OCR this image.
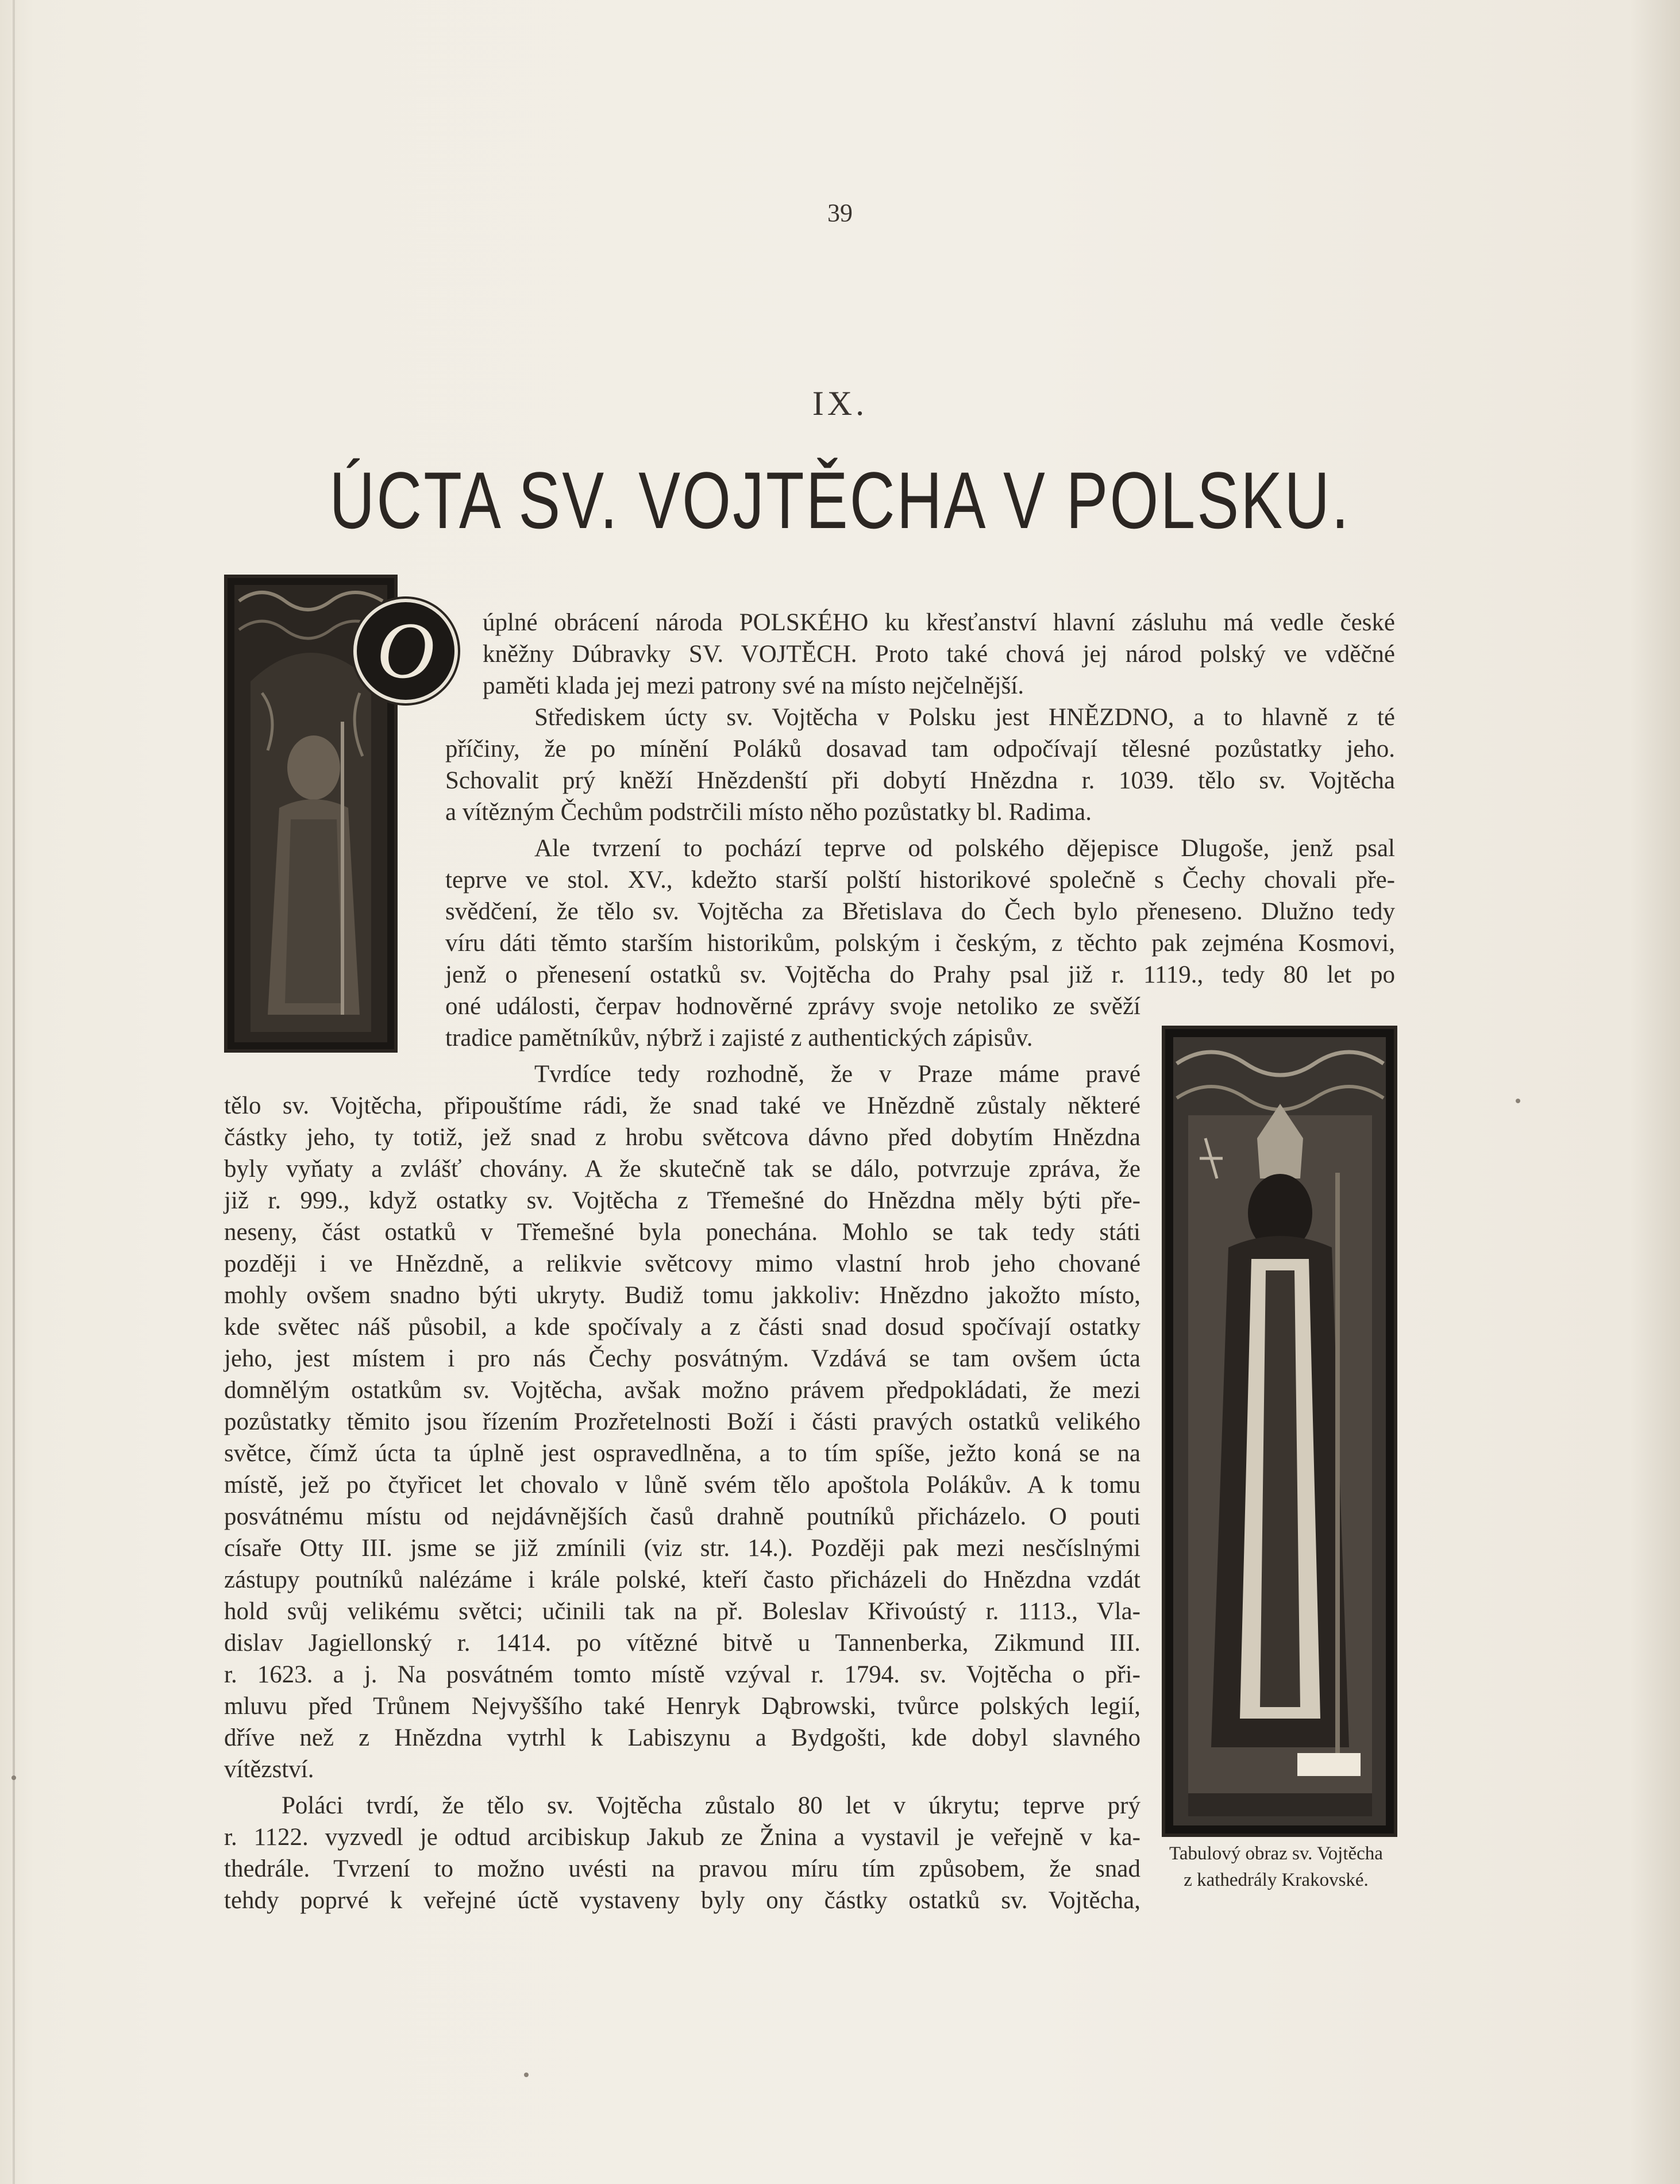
39
IX.
ÚCTA SV. VOJTĚCHA V POLSKU.
O
Tabulový obraz sv. Vojtěcha
z kathedrály Krakovské.
úplné obrácení národa POLSKÉHO ku křesťanství hlavní zásluhu má vedle české
kněžny Dúbravky SV. VOJTĚCH. Proto také chová jej národ polský ve vděčné
paměti klada jej mezi patrony své na místo nejčelnější.
Střediskem úcty sv. Vojtěcha v Polsku jest HNĚZDNO, a to hlavně z té
příčiny, že po mínění Poláků dosavad tam odpočívají tělesné pozůstatky jeho.
Schovalit prý kněží Hnězdenští při dobytí Hnězdna r. 1039. tělo sv. Vojtěcha
a vítězným Čechům podstrčili místo něho pozůstatky bl. Radima.
Ale tvrzení to pochází teprve od polského dějepisce Dlugoše, jenž psal
teprve ve stol. XV., kdežto starší polští historikové společně s Čechy chovali pře-
svědčení, že tělo sv. Vojtěcha za Břetislava do Čech bylo přeneseno. Dlužno tedy
víru dáti těmto starším historikům, polským i českým, z těchto pak zejména Kosmovi,
jenž o přenesení ostatků sv. Vojtěcha do Prahy psal již r. 1119., tedy 80 let po
oné události, čerpav hodnověrné zprávy svoje netoliko ze svěží
tradice pamětníkův, nýbrž i zajisté z authentických zápisův.
Tvrdíce tedy rozhodně, že v Praze máme pravé
tělo sv. Vojtěcha, připouštíme rádi, že snad také ve Hnězdně zůstaly některé
částky jeho, ty totiž, jež snad z hrobu světcova dávno před dobytím Hnězdna
byly vyňaty a zvlášť chovány. A že skutečně tak se dálo, potvrzuje zpráva, že
již r. 999., když ostatky sv. Vojtěcha z Třemešné do Hnězdna měly býti pře-
neseny, část ostatků v Třemešné byla ponechána. Mohlo se tak tedy státi
později i ve Hnězdně, a relikvie světcovy mimo vlastní hrob jeho chované
mohly ovšem snadno býti ukryty. Budiž tomu jakkoliv: Hnězdno jakožto místo,
kde světec náš působil, a kde spočívaly a z části snad dosud spočívají ostatky
jeho, jest místem i pro nás Čechy posvátným. Vzdává se tam ovšem úcta
domnělým ostatkům sv. Vojtěcha, avšak možno právem předpokládati, že mezi
pozůstatky těmito jsou řízením Prozřetelnosti Boží i části pravých ostatků velikého
světce, čímž úcta ta úplně jest ospravedlněna, a to tím spíše, ježto koná se na
místě, jež po čtyřicet let chovalo v lůně svém tělo apoštola Polákův. A k tomu
posvátnému místu od nejdávnějších časů drahně poutníků přicházelo. O pouti
císaře Otty III. jsme se již zmínili (viz str. 14.). Později pak mezi nesčíslnými
zástupy poutníků nalézáme i krále polské, kteří často přicházeli do Hnězdna vzdát
hold svůj velikému světci; učinili tak na př. Boleslav Křivoústý r. 1113., Vla-
dislav Jagiellonský r. 1414. po vítězné bitvě u Tannenberka, Zikmund III.
r. 1623. a j. Na posvátném tomto místě vzýval r. 1794. sv. Vojtěcha o při-
mluvu před Trůnem Nejvyššího také Henryk Dąbrowski, tvůrce polských legií,
dříve než z Hnězdna vytrhl k Labiszynu a Bydgošti, kde dobyl slavného
vítězství.
Poláci tvrdí, že tělo sv. Vojtěcha zůstalo 80 let v úkrytu; teprve prý
r. 1122. vyzvedl je odtud arcibiskup Jakub ze Žnina a vystavil je veřejně v ka-
thedrále. Tvrzení to možno uvésti na pravou míru tím způsobem, že snad
tehdy poprvé k veřejné úctě vystaveny byly ony částky ostatků sv. Vojtěcha,
